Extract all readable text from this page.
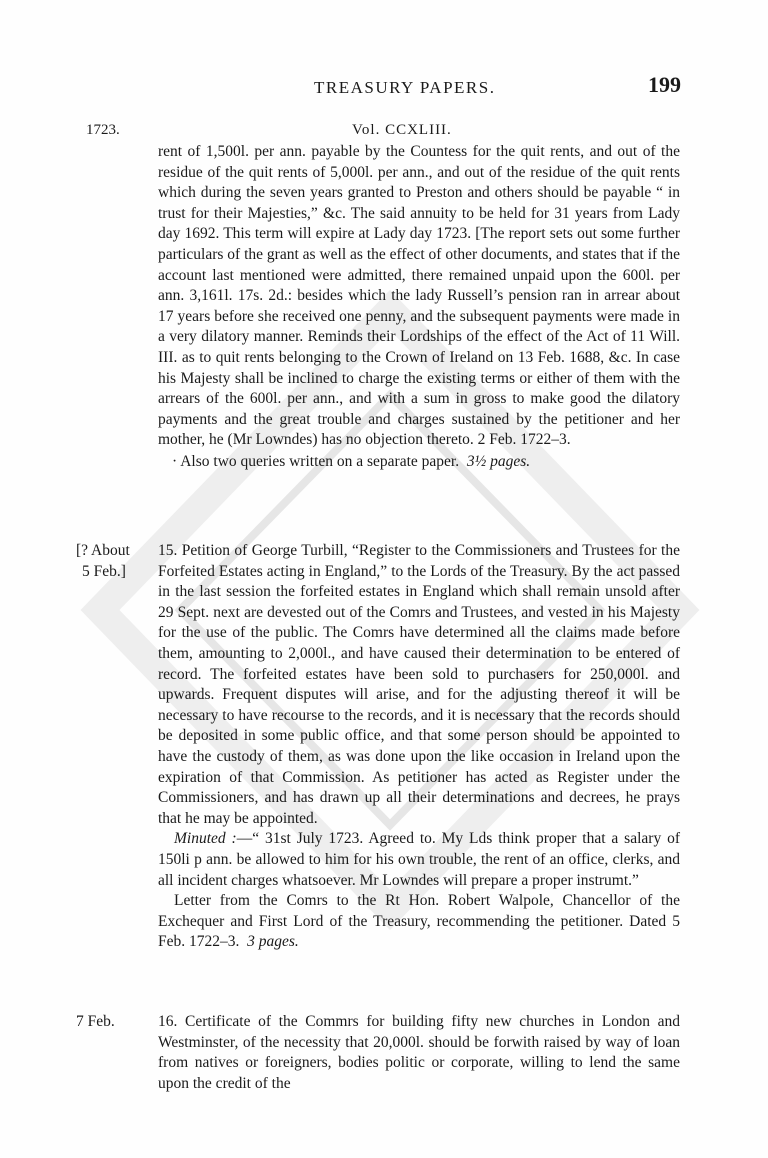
TREASURY PAPERS.	199
1723.	Vol. CCXLIII.

rent of 1,500l. per ann. payable by the Countess for the quit rents, and out of the residue of the quit rents of 5,000l. per ann., and out of the residue of the quit rents which during the seven years granted to Preston and others should be payable “ in trust for their Majesties,” &c. The said annuity to be held for 31 years from Lady day 1692. This term will expire at Lady day 1723. [The report sets out some further particulars of the grant as well as the effect of other documents, and states that if the account last mentioned were admitted, there remained unpaid upon the 600l. per ann. 3,161l. 17s. 2d.: besides which the lady Russell’s pension ran in arrear about 17 years before she received one penny, and the subsequent payments were made in a very dilatory manner. Reminds their Lordships of the effect of the Act of 11 Will. III. as to quit rents belonging to the Crown of Ireland on 13 Feb. 1688, &c. In case his Majesty shall be inclined to charge the existing terms or either of them with the arrears of the 600l. per ann., and with a sum in gross to make good the dilatory payments and the great trouble and charges sustained by the petitioner and her mother, he (Mr Lowndes) has no objection thereto. 2 Feb. 1722–3.

· Also two queries written on a separate paper. 3½ pages.

[? About
5 Feb.]

15. Petition of George Turbill, “Register to the Commissioners and Trustees for the Forfeited Estates acting in England,” to the Lords of the Treasury. By the act passed in the last session the forfeited estates in England which shall remain unsold after 29 Sept. next are devested out of the Comrs and Trustees, and vested in his Majesty for the use of the public. The Comrs have determined all the claims made before them, amounting to 2,000l., and have caused their determination to be entered of record. The forfeited estates have been sold to purchasers for 250,000l. and upwards. Frequent disputes will arise, and for the adjusting thereof it will be necessary to have recourse to the records, and it is necessary that the records should be deposited in some public office, and that some person should be appointed to have the custody of them, as was done upon the like occasion in Ireland upon the expiration of that Commission. As petitioner has acted as Register under the Commissioners, and has drawn up all their determinations and decrees, he prays that he may be appointed.

Minuted :—“ 31st July 1723. Agreed to. My Lds think proper that a salary of 150li p ann. be allowed to him for his own trouble, the rent of an office, clerks, and all incident charges whatsoever. Mr Lowndes will prepare a proper instrumt.”

Letter from the Comrs to the Rt Hon. Robert Walpole, Chancellor of the Exchequer and First Lord of the Treasury, recommending the petitioner. Dated 5 Feb. 1722–3. 3 pages.

7 Feb.	16. Certificate of the Commrs for building fifty new churches in London and Westminster, of the necessity that 20,000l. should be forwith raised by way of loan from natives or foreigners, bodies politic or corporate, willing to lend the same upon the credit of the
